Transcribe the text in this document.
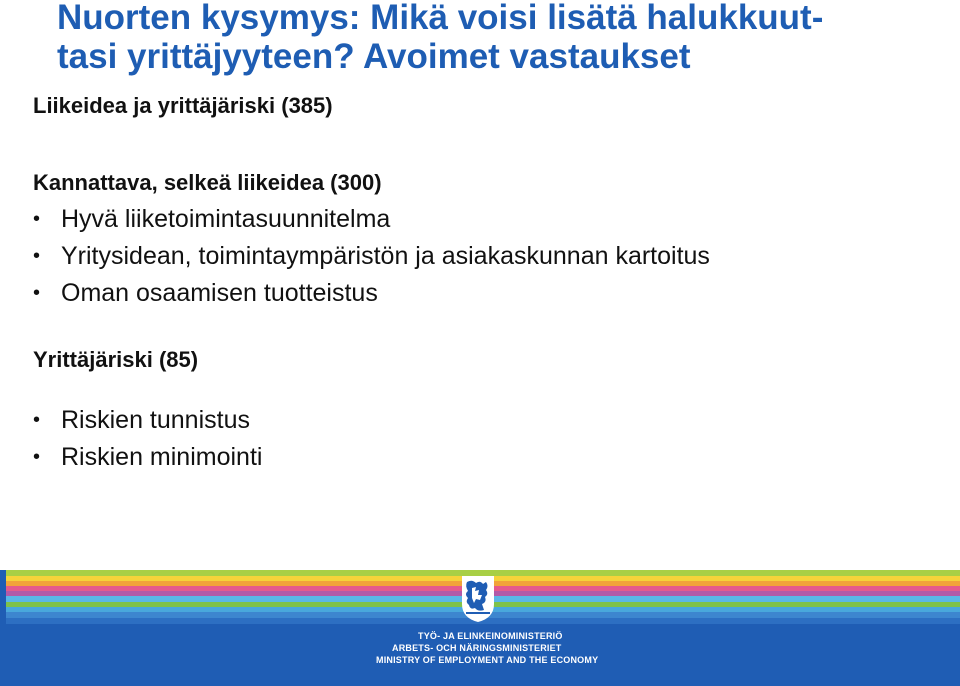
Nuorten kysymys: Mikä voisi lisätä halukkuut-
tasi yrittäjyyteen? Avoimet vastaukset

Liikeidea ja yrittäjäriski (385)

Kannattava, selkeä liikeidea (300)

• Hyvä liiketoimintasuunnitelma
• Yritysidean, toimintaympäristön ja asiakaskunnan kartoitus
• Oman osaamisen tuotteistus

Yrittäjäriski (85)

• Riskien tunnistus
• Riskien minimointi
TYÖ- JA ELINKEINOMINISTERIÖ
ARBETS- OCH NÄRINGSMINISTERIET
MINISTRY OF EMPLOYMENT AND THE ECONOMY
